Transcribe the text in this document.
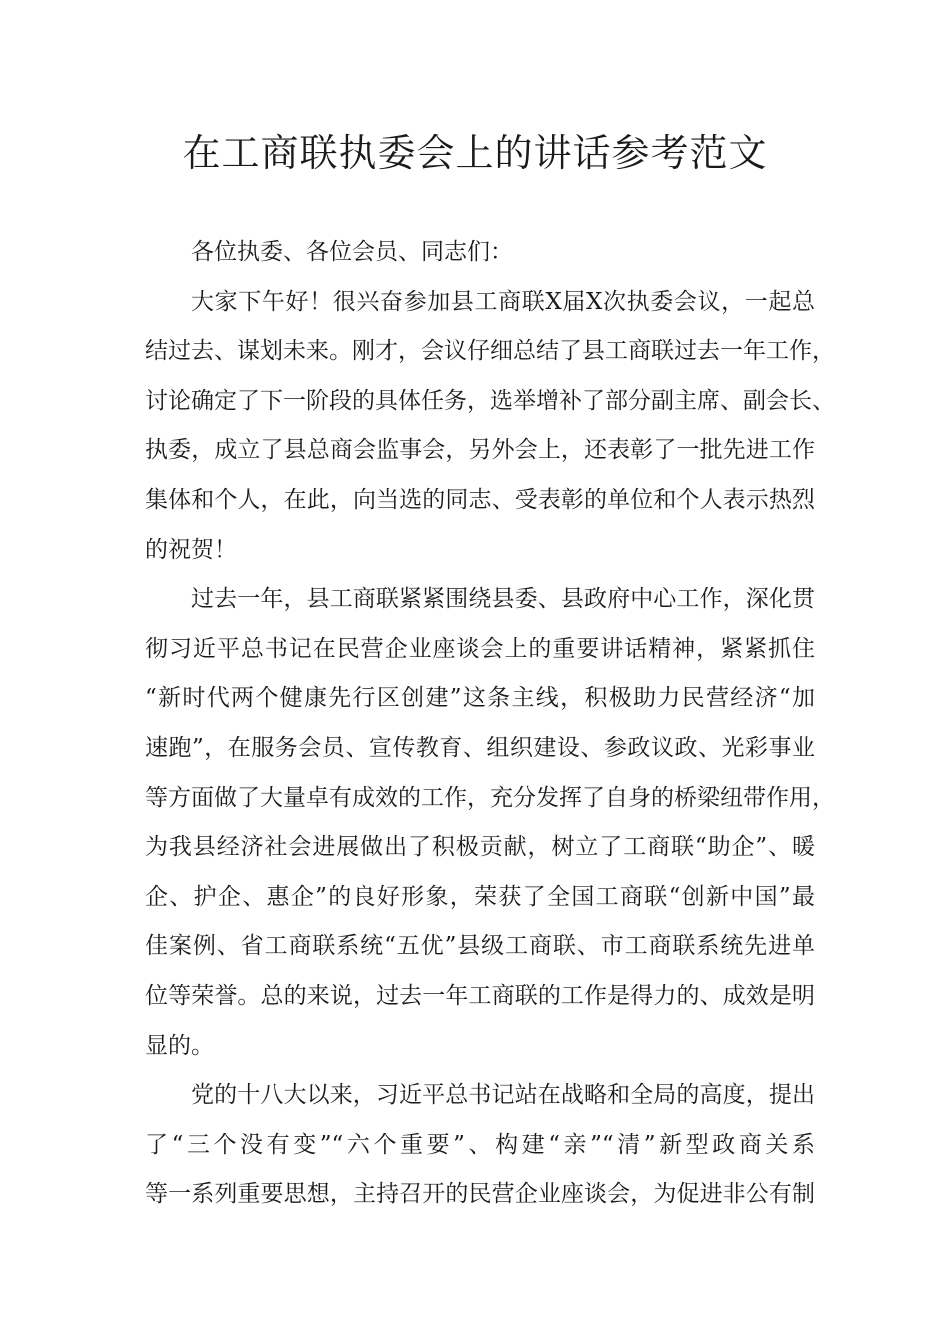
在工商联执委会上的讲话参考范文

各位执委、各位会员、同志们：

大家下午好！很兴奋参加县工商联X届X次执委会议，一起总
结过去、谋划未来。刚才，会议仔细总结了县工商联过去一年工作，
讨论确定了下一阶段的具体任务，选举增补了部分副主席、副会长、
执委，成立了县总商会监事会，另外会上，还表彰了一批先进工作
集体和个人，在此，向当选的同志、受表彰的单位和个人表示热烈
的祝贺！

过去一年，县工商联紧紧围绕县委、县政府中心工作，深化贯
彻习近平总书记在民营企业座谈会上的重要讲话精神，紧紧抓住
“新时代两个健康先行区创建”这条主线，积极助力民营经济“加
速跑”，在服务会员、宣传教育、组织建设、参政议政、光彩事业
等方面做了大量卓有成效的工作，充分发挥了自身的桥梁纽带作用，
为我县经济社会进展做出了积极贡献，树立了工商联“助企”、暖
企、护企、惠企”的良好形象，荣获了全国工商联“创新中国”最
佳案例、省工商联系统“五优”县级工商联、市工商联系统先进单
位等荣誉。总的来说，过去一年工商联的工作是得力的、成效是明
显的。

党的十八大以来，习近平总书记站在战略和全局的高度，提出
了“三个没有变”“六个重要”、构建“亲”“清”新型政商关系
等一系列重要思想，主持召开的民营企业座谈会，为促进非公有制
